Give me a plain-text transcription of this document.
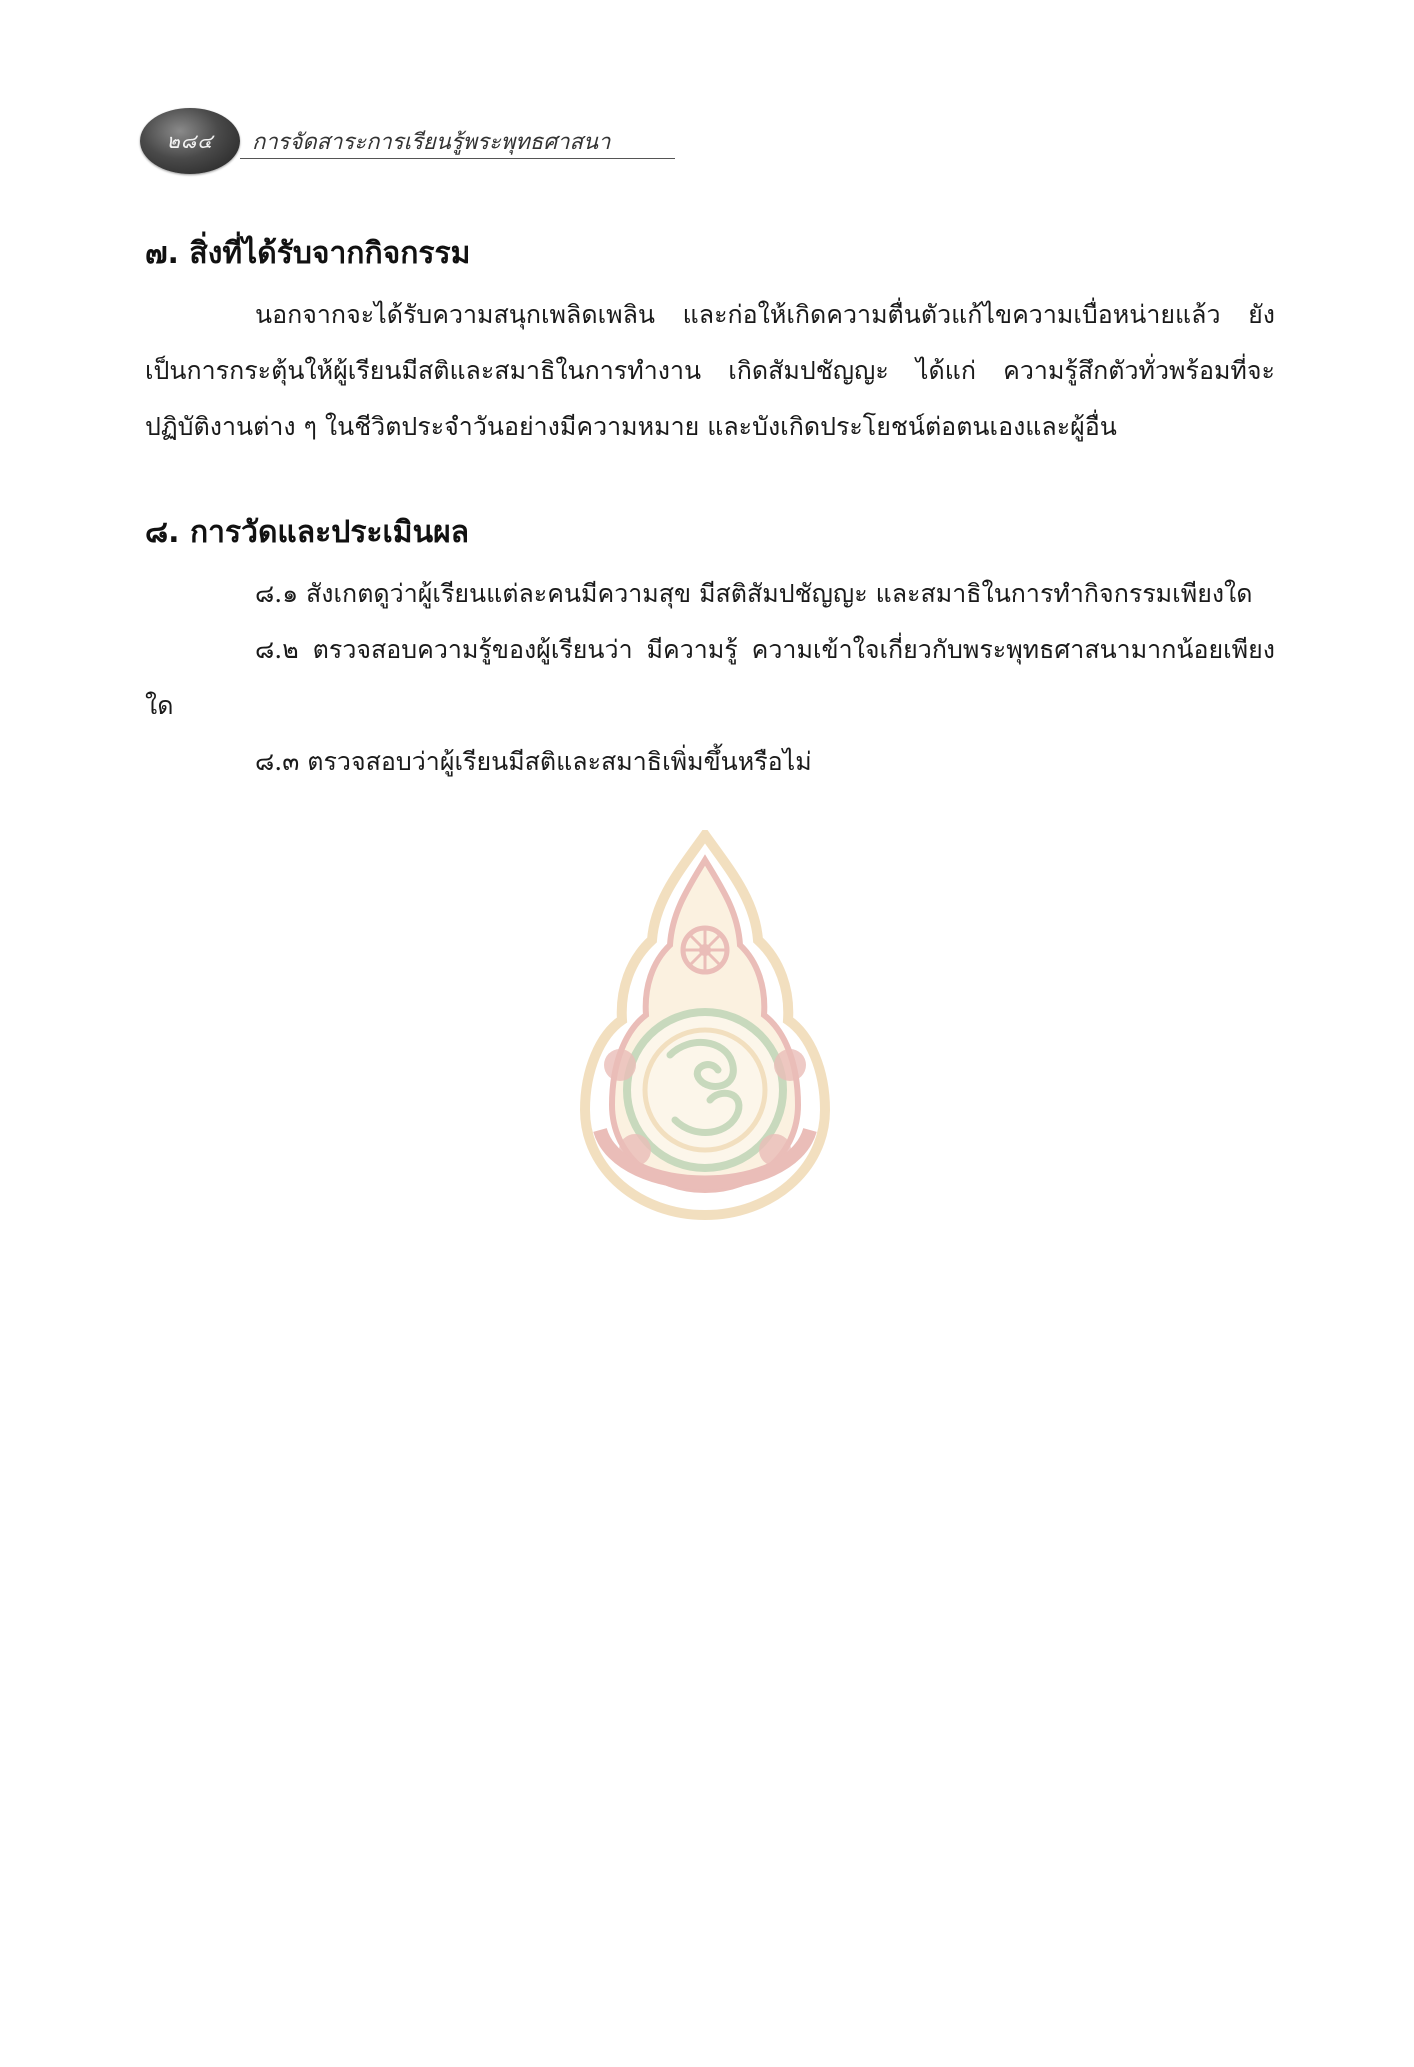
๒๘๔ การจัดสาระการเรียนรู้พระพุทธศาสนา
๗. สิ่งที่ได้รับจากกิจกรรม

นอกจากจะได้รับความสนุกเพลิดเพลิน และก่อให้เกิดความตื่นตัวแก้ไขความเบื่อหน่ายแล้ว ยังเป็นการกระตุ้นให้ผู้เรียนมีสติและสมาธิในการทำงาน เกิดสัมปชัญญะ ได้แก่ ความรู้สึกตัวทั่วพร้อมที่จะปฏิบัติงานต่าง ๆ ในชีวิตประจำวันอย่างมีความหมาย และบังเกิดประโยชน์ต่อตนเองและผู้อื่น

๘. การวัดและประเมินผล

๘.๑ สังเกตดูว่าผู้เรียนแต่ละคนมีความสุข มีสติสัมปชัญญะ และสมาธิในการทำกิจกรรมเพียงใด

๘.๒ ตรวจสอบความรู้ของผู้เรียนว่า มีความรู้ ความเข้าใจเกี่ยวกับพระพุทธศาสนามากน้อยเพียงใด

๘.๓ ตรวจสอบว่าผู้เรียนมีสติและสมาธิเพิ่มขึ้นหรือไม่
